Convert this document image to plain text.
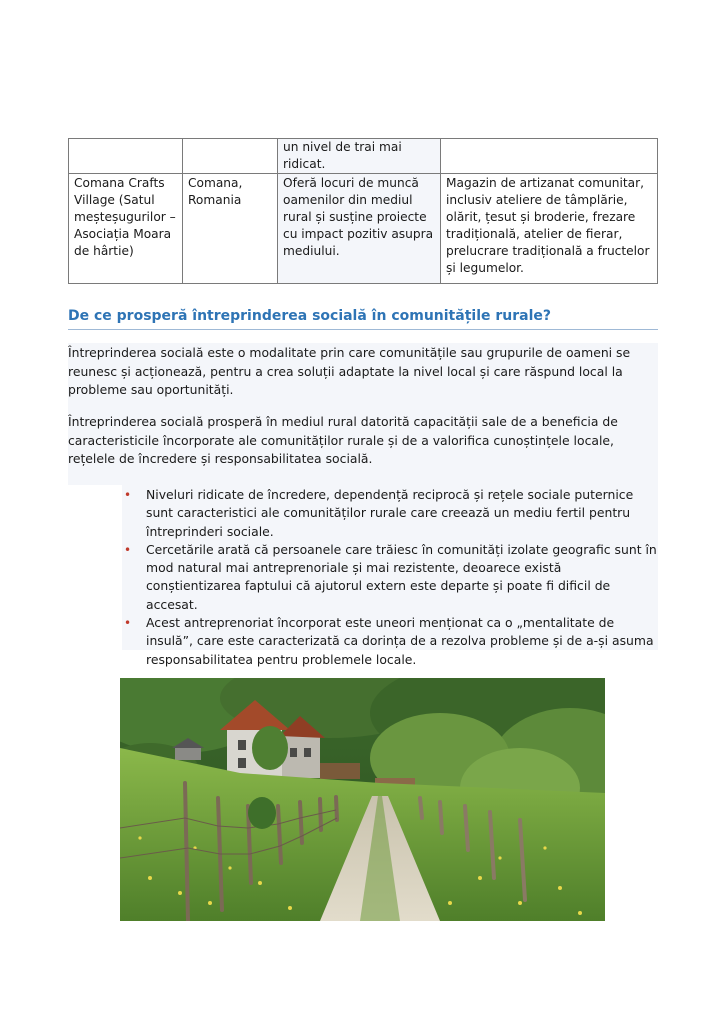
		un nivel de trai mai ridicat.	
Comana Crafts Village (Satul meșteșugurilor – Asociația Moara de hârtie)	Comana, Romania	Oferă locuri de muncă oamenilor din mediul rural și susține proiecte cu impact pozitiv asupra mediului.	Magazin de artizanat comunitar, inclusiv ateliere de tâmplărie, olărit, țesut și broderie, frezare tradițională, atelier de fierar, prelucrare tradițională a fructelor și legumelor.
De ce prosperă întreprinderea socială în comunitățile rurale?

Întreprinderea socială este o modalitate prin care comunitățile sau grupurile de oameni se reunesc și acționează, pentru a crea soluții adaptate la nivel local și care răspund local la probleme sau oportunități.

Întreprinderea socială prosperă în mediul rural datorită capacității sale de a beneficia de caracteristicile încorporate ale comunităților rurale și de a valorifica cunoștințele locale, rețelele de încredere și responsabilitatea socială.

• Niveluri ridicate de încredere, dependență reciprocă și rețele sociale puternice sunt caracteristici ale comunităților rurale care creează un mediu fertil pentru întreprinderi sociale.
• Cercetările arată că persoanele care trăiesc în comunități izolate geografic sunt în mod natural mai antreprenoriale și mai rezistente, deoarece există conștientizarea faptului că ajutorul extern este departe și poate fi dificil de accesat.
• Acest antreprenoriat încorporat este uneori menționat ca o „mentalitate de insulă”, care este caracterizată ca dorința de a rezolva probleme și de a-și asuma responsabilitatea pentru problemele locale.
